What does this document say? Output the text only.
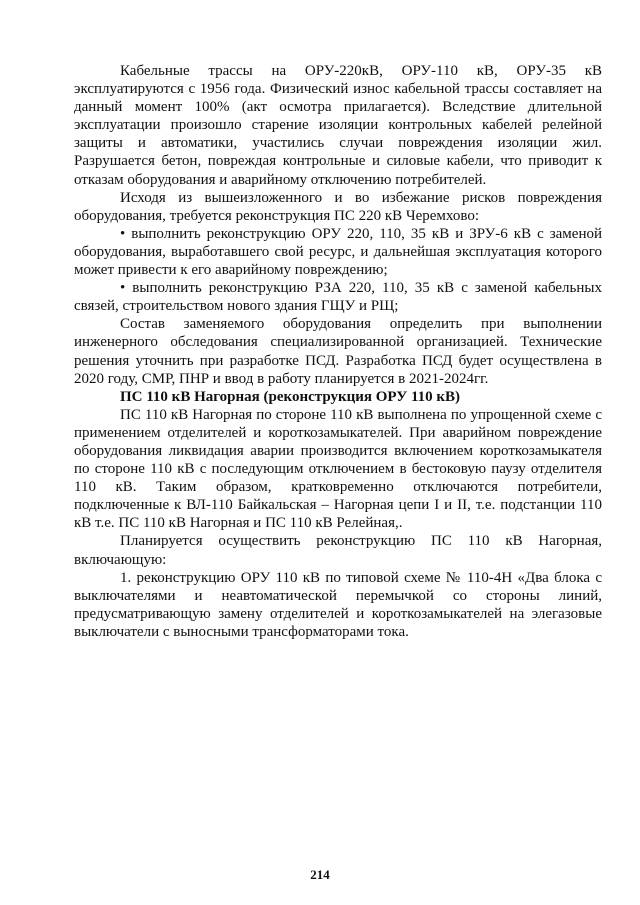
Кабельные трассы на ОРУ-220кВ, ОРУ-110 кВ, ОРУ-35 кВ эксплуатируются с 1956 года. Физический износ кабельной трассы составляет на данный момент 100% (акт осмотра прилагается). Вследствие длительной эксплуатации произошло старение изоляции контрольных кабелей релейной защиты и автоматики, участились случаи повреждения изоляции жил. Разрушается бетон, повреждая контрольные и силовые кабели, что приводит к отказам оборудования и аварийному отключению потребителей.

Исходя из вышеизложенного и во избежание рисков повреждения оборудования, требуется реконструкция ПС 220 кВ Черемхово:

• выполнить реконструкцию ОРУ 220, 110, 35 кВ и ЗРУ-6 кВ с заменой оборудования, выработавшего свой ресурс, и дальнейшая эксплуатация которого может привести к его аварийному повреждению;

• выполнить реконструкцию РЗА 220, 110, 35 кВ с заменой кабельных связей, строительством нового здания ГЩУ и РЩ;

Состав заменяемого оборудования определить при выполнении инженерного обследования специализированной организацией. Технические решения уточнить при разработке ПСД. Разработка ПСД будет осуществлена в 2020 году, СМР, ПНР и ввод в работу планируется в 2021-2024гг.

ПС 110 кВ Нагорная (реконструкция ОРУ 110 кВ)

ПС 110 кВ Нагорная по стороне 110 кВ выполнена по упрощенной схеме с применением отделителей и короткозамыкателей. При аварийном повреждение оборудования ликвидация аварии производится включением короткозамыкателя по стороне 110 кВ с последующим отключением в бестоковую паузу отделителя 110 кВ. Таким образом, кратковременно отключаются потребители, подключенные к ВЛ-110 Байкальская – Нагорная цепи I и II, т.е. подстанции 110 кВ т.е. ПС 110 кВ Нагорная и ПС 110 кВ Релейная,.

Планируется осуществить реконструкцию ПС 110 кВ Нагорная, включающую:

1. реконструкцию ОРУ 110 кВ по типовой схеме № 110-4Н «Два блока с выключателями и неавтоматической перемычкой со стороны линий, предусматривающую замену отделителей и короткозамыкателей на элегазовые выключатели с выносными трансформаторами тока.

214
